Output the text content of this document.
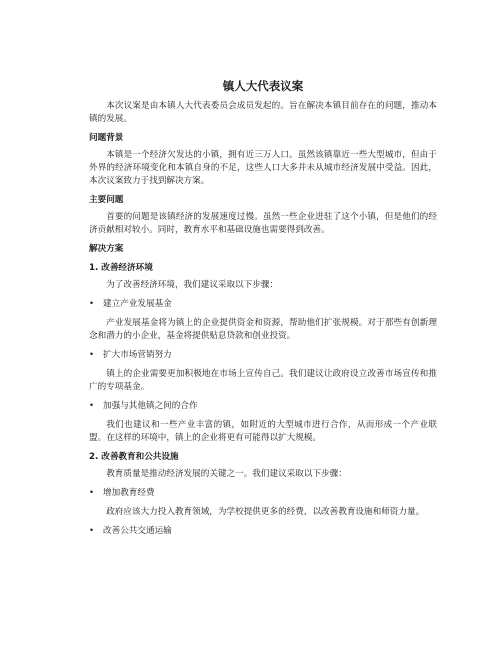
镇人大代表议案

本次议案是由本镇人大代表委员会成员发起的。旨在解决本镇目前存在的问题，推动本镇的发展。

问题背景

本镇是一个经济欠发达的小镇，拥有近三万人口。虽然该镇靠近一些大型城市，但由于外界的经济环境变化和本镇自身的不足，这些人口大多并未从城市经济发展中受益。因此，本次议案致力于找到解决方案。

主要问题

首要的问题是该镇经济的发展速度过慢。虽然一些企业进驻了这个小镇，但是他们的经济贡献相对较小。同时，教育水平和基础设施也需要得到改善。

解决方案
1. 改善经济环境

为了改善经济环境，我们建议采取以下步骤：

•	建立产业发展基金

产业发展基金将为镇上的企业提供资金和资源，帮助他们扩张规模。对于那些有创新理念和潜力的小企业，基金将提供贴息贷款和创业投资。

•	扩大市场营销努力

镇上的企业需要更加积极地在市场上宣传自己。我们建议让政府设立改善市场宣传和推广的专项基金。

•	加强与其他镇之间的合作

我们也建议和一些产业丰富的镇，如附近的大型城市进行合作，从而形成一个产业联盟。在这样的环境中，镇上的企业将更有可能得以扩大规模。

2. 改善教育和公共设施

教育质量是推动经济发展的关键之一。我们建议采取以下步骤：

•	增加教育经费

政府应该大力投入教育领域，为学校提供更多的经费，以改善教育设施和师资力量。

•	改善公共交通运输
